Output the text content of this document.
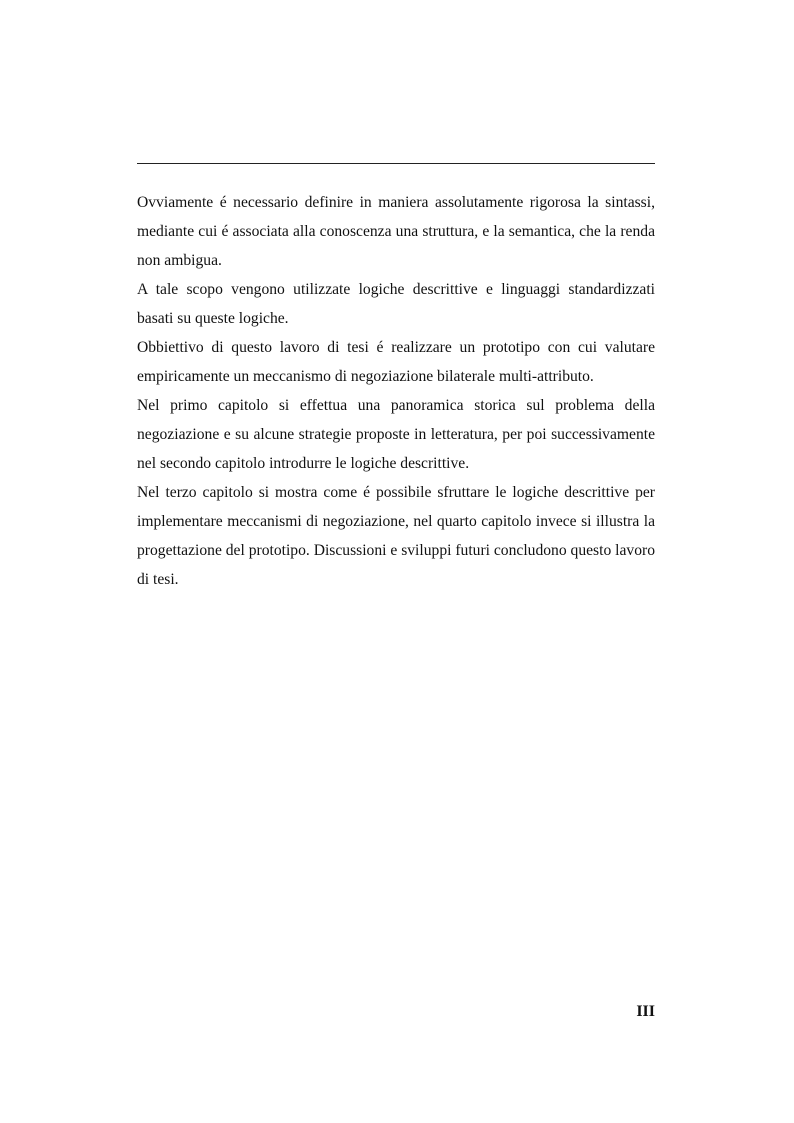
Ovviamente é necessario definire in maniera assolutamente rigorosa la sintassi, mediante cui é associata alla conoscenza una struttura, e la semantica, che la renda non ambigua.

A tale scopo vengono utilizzate logiche descrittive e linguaggi standardizzati basati su queste logiche.

Obbiettivo di questo lavoro di tesi é realizzare un prototipo con cui valutare empiricamente un meccanismo di negoziazione bilaterale multi-attributo.

Nel primo capitolo si effettua una panoramica storica sul problema della negoziazione e su alcune strategie proposte in letteratura, per poi successivamente nel secondo capitolo introdurre le logiche descrittive.

Nel terzo capitolo si mostra come é possibile sfruttare le logiche descrittive per implementare meccanismi di negoziazione, nel quarto capitolo invece si illustra la progettazione del prototipo. Discussioni e sviluppi futuri concludono questo lavoro di tesi.

III
